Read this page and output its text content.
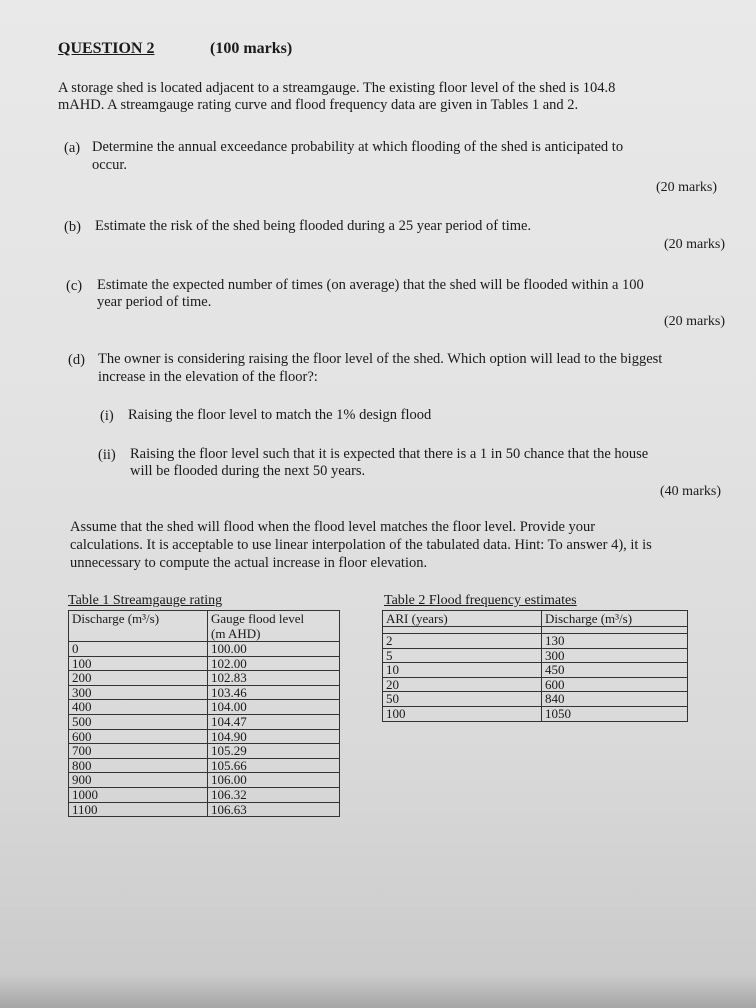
QUESTION 2	(100 marks)
A storage shed is located adjacent to a streamgauge. The existing floor level of the shed is 104.8
mAHD. A streamgauge rating curve and flood frequency data are given in Tables 1 and 2.
(a) Determine the annual exceedance probability at which flooding of the shed is anticipated to
occur.
(20 marks)
(b) Estimate the risk of the shed being flooded during a 25 year period of time.
(20 marks)
(c) Estimate the expected number of times (on average) that the shed will be flooded within a 100
year period of time.
(20 marks)
(d) The owner is considering raising the floor level of the shed. Which option will lead to the biggest
increase in the elevation of the floor?:
(i) Raising the floor level to match the 1% design flood
(ii) Raising the floor level such that it is expected that there is a 1 in 50 chance that the house
will be flooded during the next 50 years.
(40 marks)
Assume that the shed will flood when the flood level matches the floor level. Provide your
calculations. It is acceptable to use linear interpolation of the tabulated data. Hint: To answer 4), it is
unnecessary to compute the actual increase in floor elevation.
Table 1 Streamgauge rating
Discharge (m³/s)	Gauge flood level
(m AHD)
0	100.00
100	102.00
200	102.83
300	103.46
400	104.00
500	104.47
600	104.90
700	105.29
800	105.66
900	106.00
1000	106.32
1100	106.63
Table 2 Flood frequency estimates
ARI (years)	Discharge (m³/s)

2	130
5	300
10	450
20	600
50	840
100	1050
